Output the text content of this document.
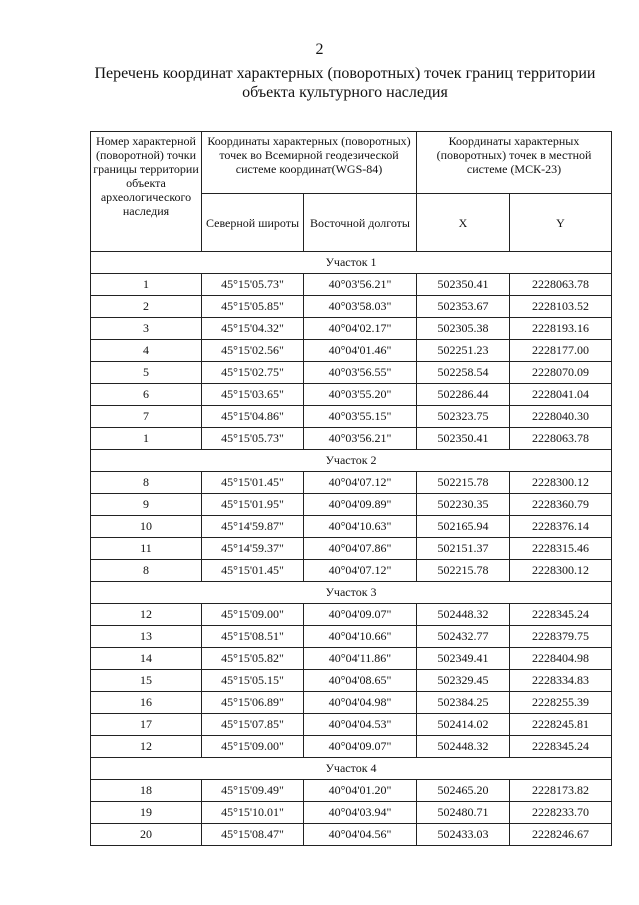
2
Перечень координат характерных (поворотных) точек границ территории
объекта культурного наследия
Номер характерной (поворотной) точки границы территории объекта археологического наследия	Координаты характерных (поворотных) точек во Всемирной геодезической системе координат(WGS-84)		Координаты характерных (поворотных) точек в местной системе (МСК-23)	
	Северной широты	Восточной долготы	X	Y
Участок 1				
1	45°15'05.73"	40°03'56.21"	502350.41	2228063.78
2	45°15'05.85"	40°03'58.03"	502353.67	2228103.52
3	45°15'04.32"	40°04'02.17"	502305.38	2228193.16
4	45°15'02.56"	40°04'01.46"	502251.23	2228177.00
5	45°15'02.75"	40°03'56.55"	502258.54	2228070.09
6	45°15'03.65"	40°03'55.20"	502286.44	2228041.04
7	45°15'04.86"	40°03'55.15"	502323.75	2228040.30
1	45°15'05.73"	40°03'56.21"	502350.41	2228063.78
Участок 2				
8	45°15'01.45"	40°04'07.12"	502215.78	2228300.12
9	45°15'01.95"	40°04'09.89"	502230.35	2228360.79
10	45°14'59.87"	40°04'10.63"	502165.94	2228376.14
11	45°14'59.37"	40°04'07.86"	502151.37	2228315.46
8	45°15'01.45"	40°04'07.12"	502215.78	2228300.12
Участок 3				
12	45°15'09.00"	40°04'09.07"	502448.32	2228345.24
13	45°15'08.51"	40°04'10.66"	502432.77	2228379.75
14	45°15'05.82"	40°04'11.86"	502349.41	2228404.98
15	45°15'05.15"	40°04'08.65"	502329.45	2228334.83
16	45°15'06.89"	40°04'04.98"	502384.25	2228255.39
17	45°15'07.85"	40°04'04.53"	502414.02	2228245.81
12	45°15'09.00"	40°04'09.07"	502448.32	2228345.24
Участок 4				
18	45°15'09.49"	40°04'01.20"	502465.20	2228173.82
19	45°15'10.01"	40°04'03.94"	502480.71	2228233.70
20	45°15'08.47"	40°04'04.56"	502433.03	2228246.67
